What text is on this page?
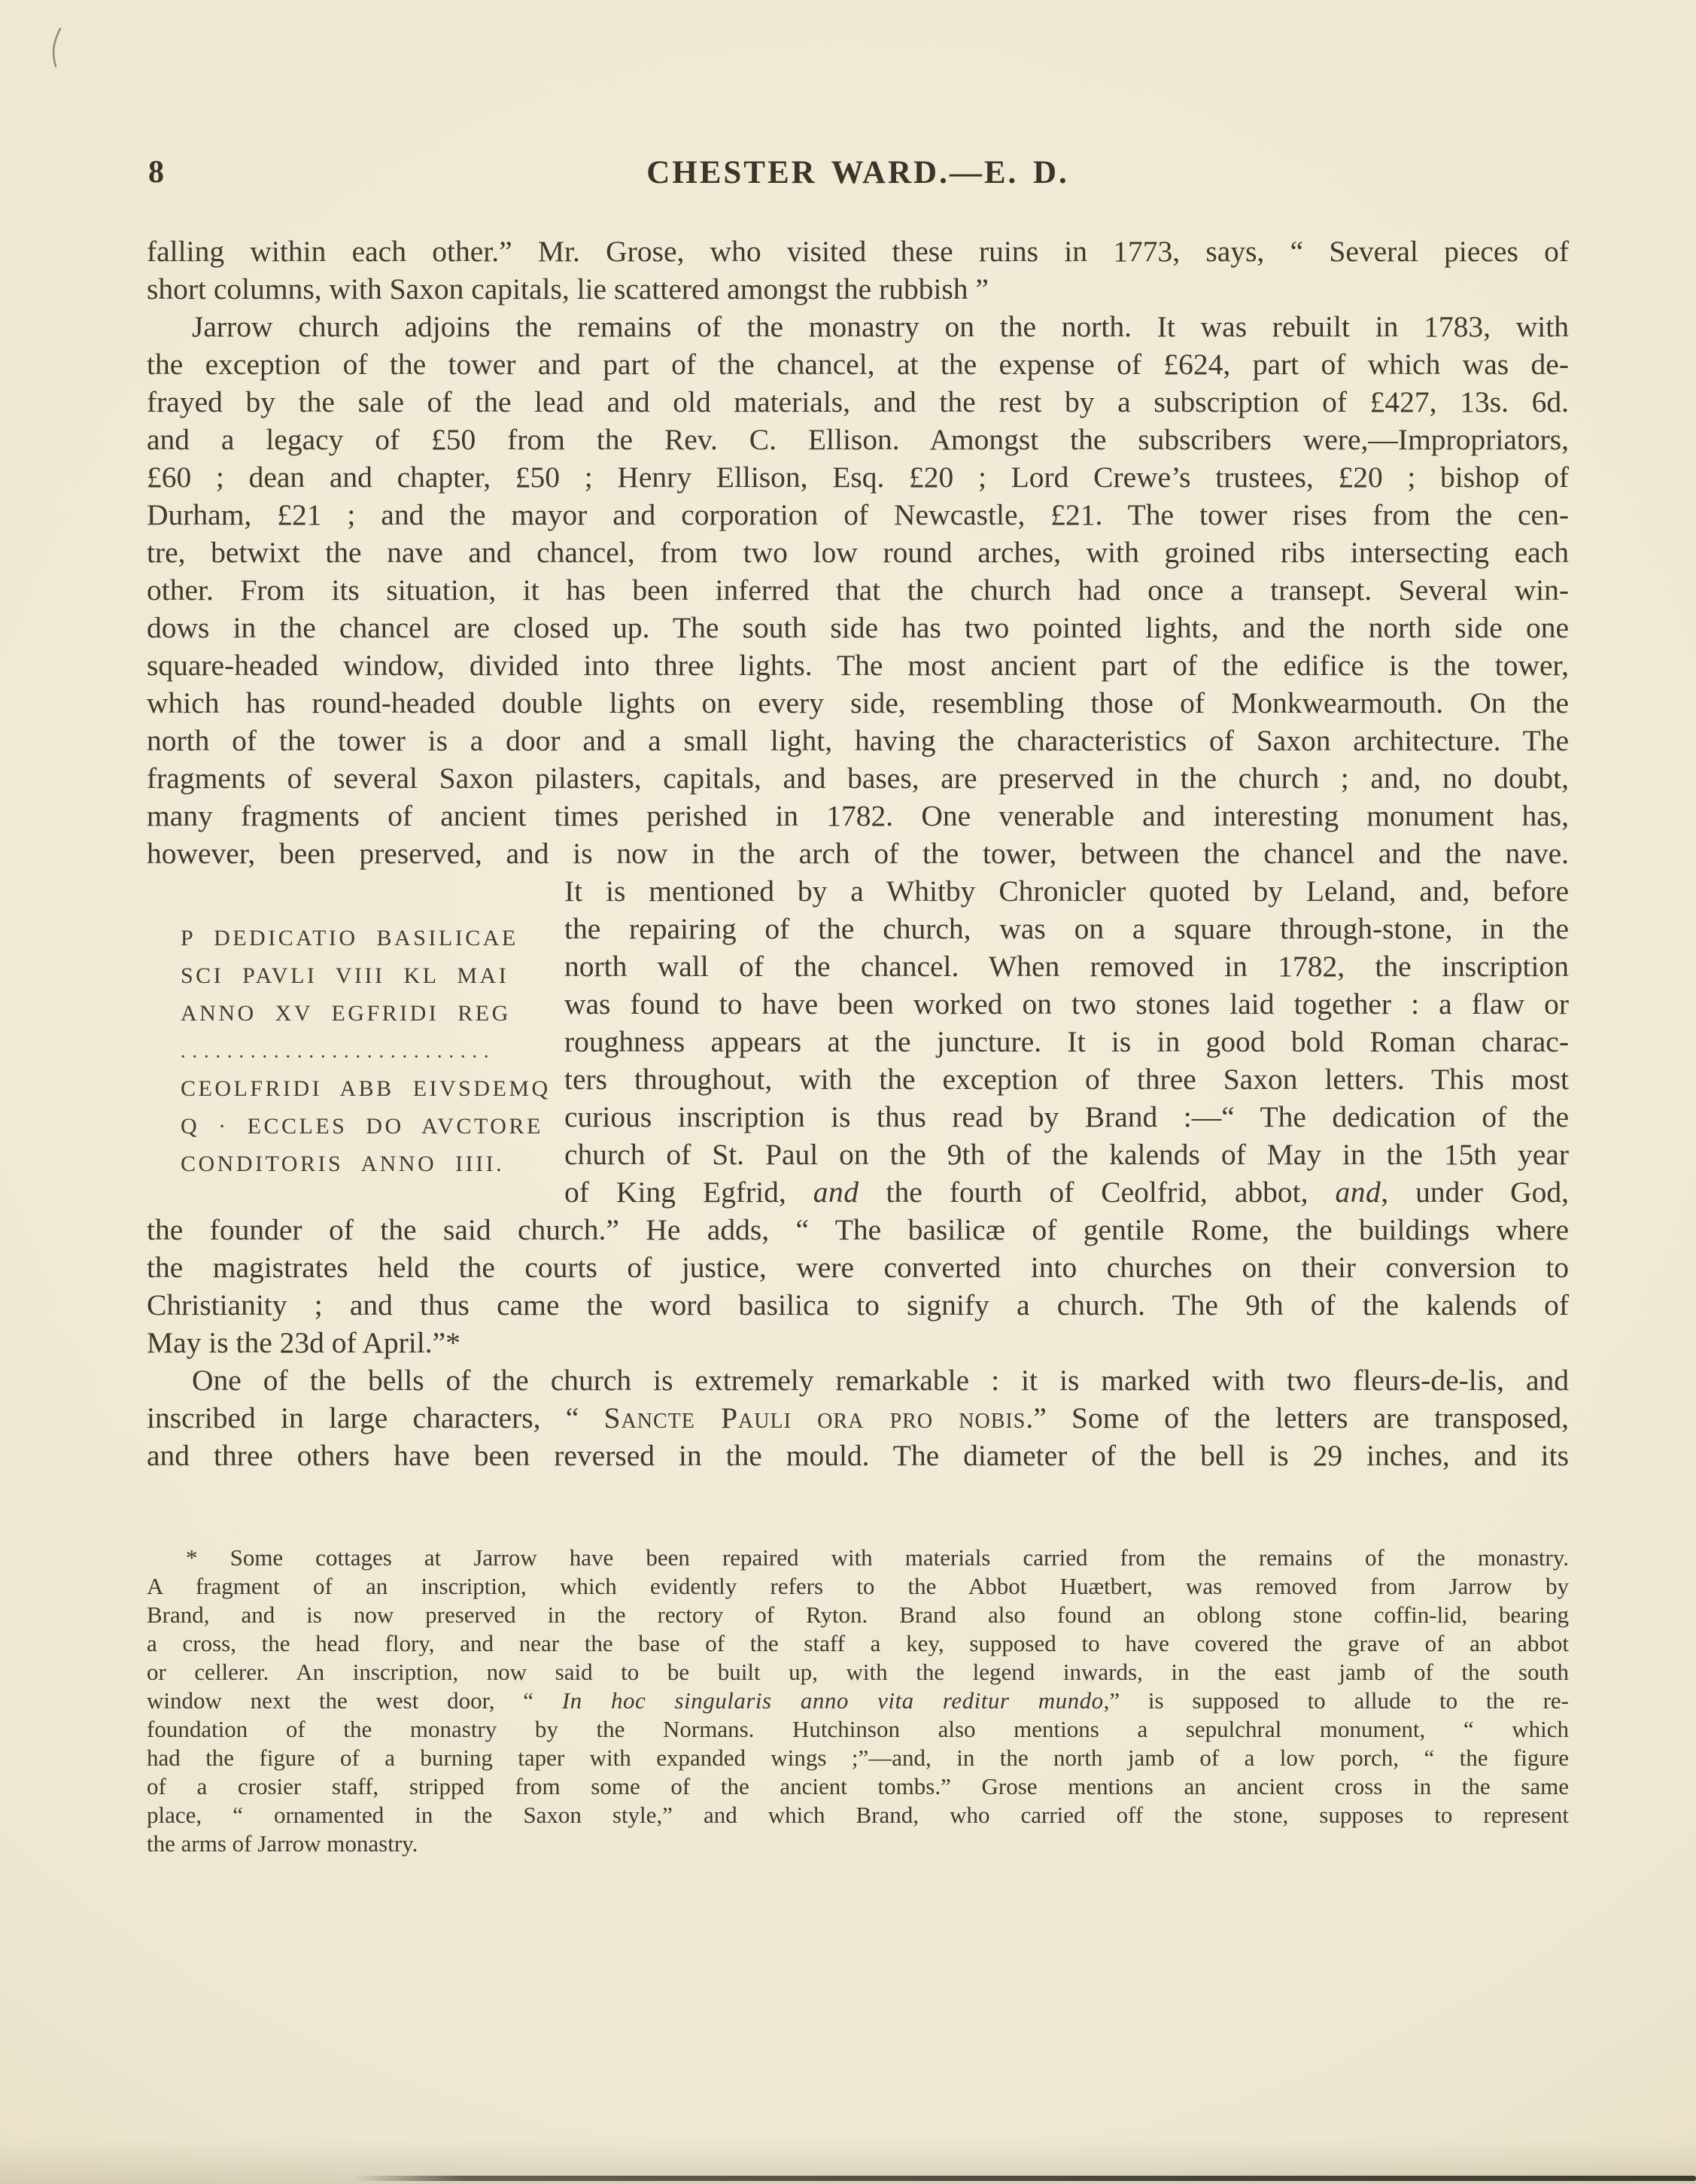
8	CHESTER WARD.—E. D.
falling within each other.” Mr. Grose, who visited these ruins in 1773, says, “ Several pieces of
short columns, with Saxon capitals, lie scattered amongst the rubbish ”
Jarrow church adjoins the remains of the monastry on the north. It was rebuilt in 1783, with
the exception of the tower and part of the chancel, at the expense of £624, part of which was de-
frayed by the sale of the lead and old materials, and the rest by a subscription of £427, 13s. 6d.
and a legacy of £50 from the Rev. C. Ellison. Amongst the subscribers were,—Impropriators,
£60 ; dean and chapter, £50 ; Henry Ellison, Esq. £20 ; Lord Crewe’s trustees, £20 ; bishop of
Durham, £21 ; and the mayor and corporation of Newcastle, £21. The tower rises from the cen-
tre, betwixt the nave and chancel, from two low round arches, with groined ribs intersecting each
other. From its situation, it has been inferred that the church had once a transept. Several win-
dows in the chancel are closed up. The south side has two pointed lights, and the north side one
square-headed window, divided into three lights. The most ancient part of the edifice is the tower,
which has round-headed double lights on every side, resembling those of Monkwearmouth. On the
north of the tower is a door and a small light, having the characteristics of Saxon architecture. The
fragments of several Saxon pilasters, capitals, and bases, are preserved in the church ; and, no doubt,
many fragments of ancient times perished in 1782. One venerable and interesting monument has,
however, been preserved, and is now in the arch of the tower, between the chancel and the nave.
P DEDICATIO BASILICAE
SCI PAVLI VIII KL MAI
ANNO XV EGFRIDI REG
...........................
CEOLFRIDI ABB EIVSDEMQ
Q · ECCLES DO AVCTORE
CONDITORIS ANNO IIII.
It is mentioned by a Whitby Chronicler quoted by Leland, and, before
the repairing of the church, was on a square through-stone, in the
north wall of the chancel. When removed in 1782, the inscription
was found to have been worked on two stones laid together : a flaw or
roughness appears at the juncture. It is in good bold Roman charac-
ters throughout, with the exception of three Saxon letters. This most
curious inscription is thus read by Brand :—“ The dedication of the
church of St. Paul on the 9th of the kalends of May in the 15th year
of King Egfrid, and the fourth of Ceolfrid, abbot, and, under God,
the founder of the said church.” He adds, “ The basilicæ of gentile Rome, the buildings where
the magistrates held the courts of justice, were converted into churches on their conversion to
Christianity ; and thus came the word basilica to signify a church. The 9th of the kalends of
May is the 23d of April.”*
One of the bells of the church is extremely remarkable : it is marked with two fleurs-de-lis, and
inscribed in large characters, “ Sancte Pauli ora pro nobis.” Some of the letters are transposed,
and three others have been reversed in the mould. The diameter of the bell is 29 inches, and its
* Some cottages at Jarrow have been repaired with materials carried from the remains of the monastry.
A fragment of an inscription, which evidently refers to the Abbot Huætbert, was removed from Jarrow by
Brand, and is now preserved in the rectory of Ryton. Brand also found an oblong stone coffin-lid, bearing
a cross, the head flory, and near the base of the staff a key, supposed to have covered the grave of an abbot
or cellerer. An inscription, now said to be built up, with the legend inwards, in the east jamb of the south
window next the west door, “ In hoc singularis anno vita reditur mundo,” is supposed to allude to the re-
foundation of the monastry by the Normans. Hutchinson also mentions a sepulchral monument, “ which
had the figure of a burning taper with expanded wings ;”—and, in the north jamb of a low porch, “ the figure
of a crosier staff, stripped from some of the ancient tombs.” Grose mentions an ancient cross in the same
place, “ ornamented in the Saxon style,” and which Brand, who carried off the stone, supposes to represent
the arms of Jarrow monastry.
